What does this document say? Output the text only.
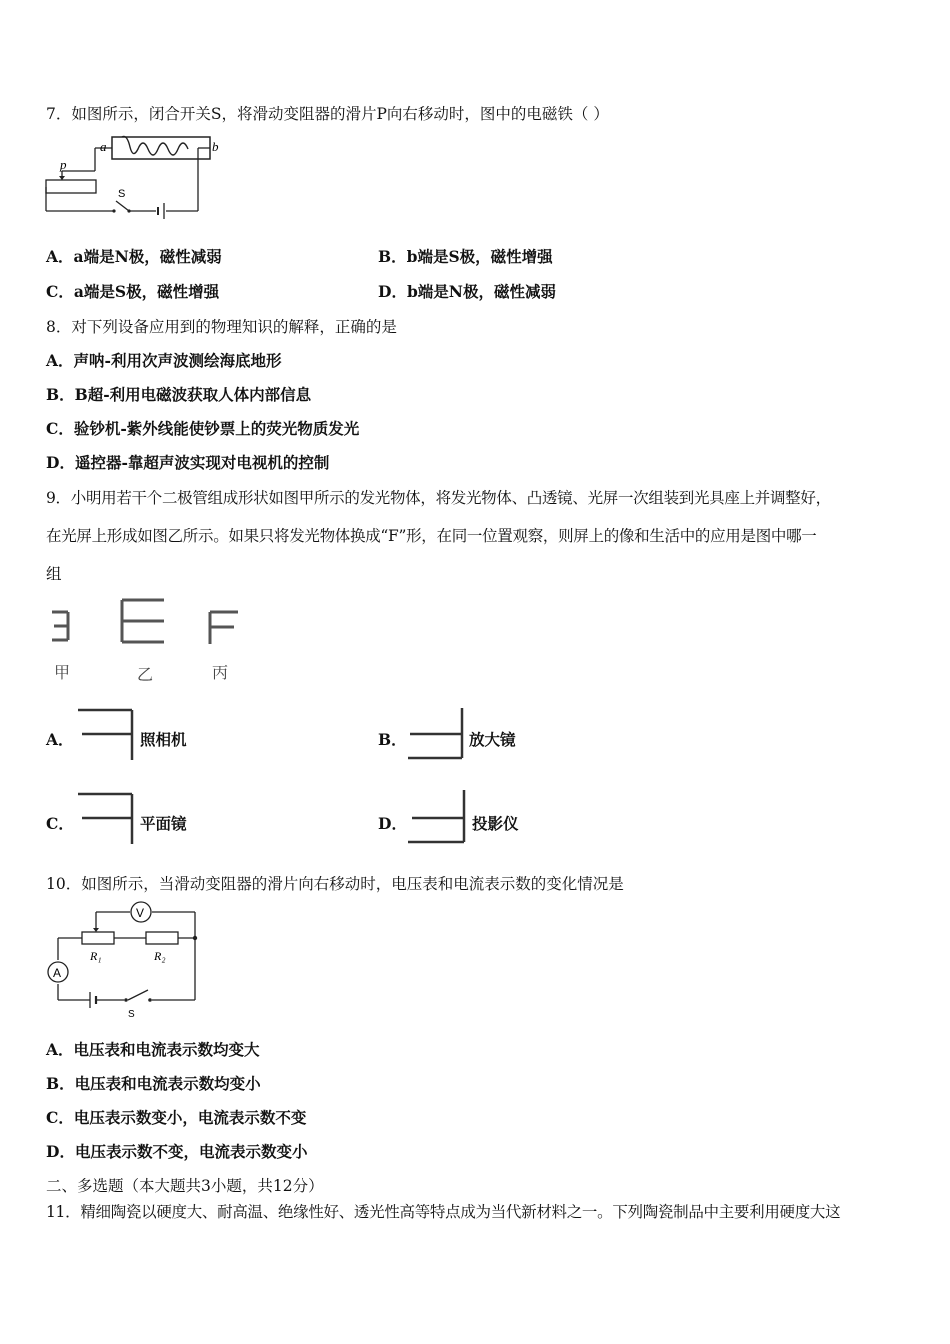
7．如图所示，闭合开关S，将滑动变阻器的滑片P向右移动时，图中的电磁铁（ ）
a	b
p
S
A．a端是N极，磁性减弱	B．b端是S极，磁性增强
C．a端是S极，磁性增强	D．b端是N极，磁性减弱
8．对下列设备应用到的物理知识的解释，正确的是
A．声呐-利用次声波测绘海底地形
B．B超-利用电磁波获取人体内部信息
C．验钞机-紫外线能使钞票上的荧光物质发光
D．遥控器-靠超声波实现对电视机的控制
9．小明用若干个二极管组成形状如图甲所示的发光物体，将发光物体、凸透镜、光屏一次组装到光具座上并调整好，
在光屏上形成如图乙所示。如果只将发光物体换成“F”形，在同一位置观察，则屏上的像和生活中的应用是图中哪一
组
甲	乙	丙
A．	照相机	B．	放大镜
C．	平面镜	D．	投影仪
10．如图所示，当滑动变阻器的滑片向右移动时，电压表和电流表示数的变化情况是
V
A
R₁	R₂
S
A．电压表和电流表示数均变大
B．电压表和电流表示数均变小
C．电压表示数变小，电流表示数不变
D．电压表示数不变，电流表示数变小
二、多选题（本大题共3小题，共12分）
11．精细陶瓷以硬度大、耐高温、绝缘性好、透光性高等特点成为当代新材料之一。下列陶瓷制品中主要利用硬度大这
